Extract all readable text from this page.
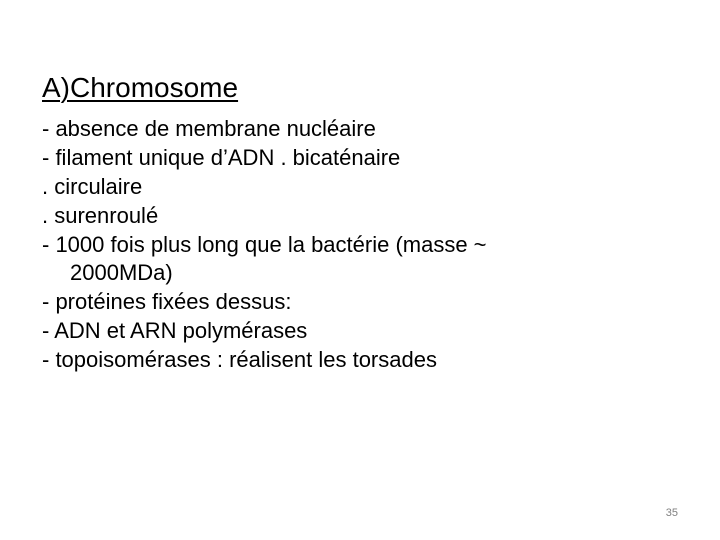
A)Chromosome
- absence de membrane nucléaire
- filament unique d’ADN . bicaténaire
. circulaire
. surenroulé
- 1000 fois plus long que la bactérie (masse ~
2000MDa)
- protéines fixées dessus:
- ADN et ARN polymérases
- topoisomérases : réalisent les torsades
35
